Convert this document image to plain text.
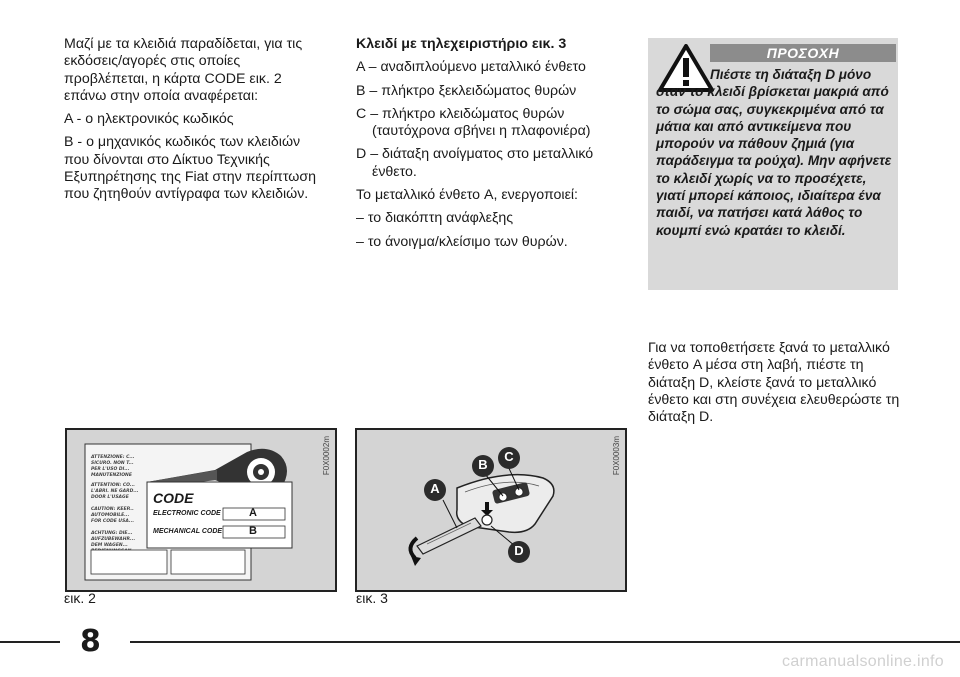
Μαζί με τα κλειδιά παραδίδεται, για τις εκδόσεις/αγορές στις οποίες προβλέπεται, η κάρτα CODE εικ. 2 επάνω στην οποία αναφέρεται:

A - ο ηλεκτρονικός κωδικός

B - ο μηχανικός κωδικός των κλειδιών που δίνονται στο Δίκτυο Τεχνικής Εξυπηρέτησης της Fiat στην περίπτωση που ζητηθούν αντίγραφα των κλειδιών.

Κλειδί με τηλεχειριστήριο εικ. 3

A – αναδιπλούμενο μεταλλικό ένθετο

B – πλήκτρο ξεκλειδώματος θυρών

C – πλήκτρο κλειδώματος θυρών (ταυτόχρονα σβήνει η πλαφονιέρα)

D – διάταξη ανοίγματος στο μεταλλικό ένθετο.

Το μεταλλικό ένθετο A, ενεργοποιεί:

– το διακόπτη ανάφλεξης

– το άνοιγμα/κλείσιμο των θυρών.

ΠΡΟΣΟΧΗ
Πιέστε τη διάταξη D μόνο όταν το κλειδί βρίσκεται μακριά από το σώμα σας, συγκεκριμένα από τα μάτια και από αντικείμενα που μπορούν να πάθουν ζημιά (για παράδειγμα τα ρούχα). Μην αφήνετε το κλειδί χωρίς να το προσέχετε, γιατί μπορεί κάποιος, ιδιαίτερα ένα παιδί, να πατήσει κατά λάθος το κουμπί ενώ κρατάει το κλειδί.

Για να τοποθετήσετε ξανά το μεταλλικό ένθετο A μέσα στη λαβή, πιέστε τη διάταξη D, κλείστε ξανά το μεταλλικό ένθετο και στη συνέχεια ελευθερώστε τη διάταξη D.

ATTENZIONE: C...
SICURO. NON T...
PER L'USO DI...
MANUTENZIONE
ATTENTION: CO...
L'ABRI. NE GARD...
DOOR L'USAGE
CAUTION: KEEP...
AUTOMOBILE...
FOR CODE USA...
ACHTUNG: DIE...
AUFZUBEWAHR...
DEM WAGEN...
F0X0002m
CODE
ELECTRONIC CODE
MECHANICAL CODE
A
B
εικ. 2
F0X0003m
A
B
C
D
εικ. 3
8
carmanualsonline.info
